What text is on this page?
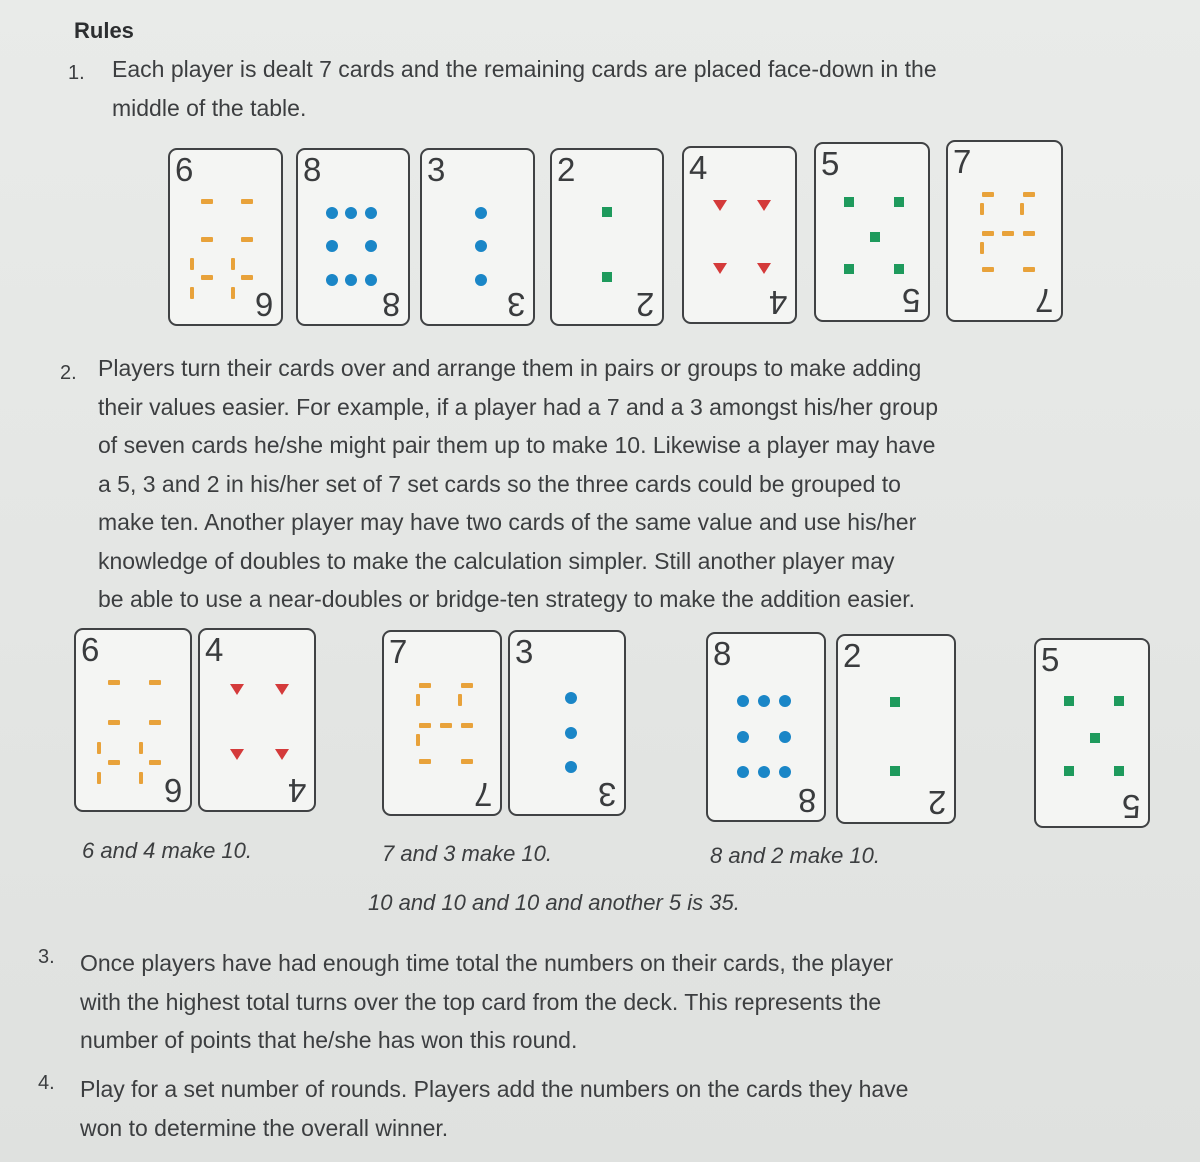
Rules
1. Each player is dealt 7 cards and the remaining cards are placed face-down in the
middle of the table.
6
6
8
8
3
3
2
2
4
4
5
5
7
7
2. Players turn their cards over and arrange them in pairs or groups to make adding
their values easier. For example, if a player had a 7 and a 3 amongst his/her group
of seven cards he/she might pair them up to make 10. Likewise a player may have
a 5, 3 and 2 in his/her set of 7 set cards so the three cards could be grouped to
make ten. Another player may have two cards of the same value and use his/her
knowledge of doubles to make the calculation simpler. Still another player may
be able to use a near-doubles or bridge-ten strategy to make the addition easier.
6
6
4
4
7
7
3
3
8
8
2
2
5
5
6 and 4 make 10.	7 and 3 make 10.	8 and 2 make 10.
10 and 10 and 10 and another 5 is 35.
3. Once players have had enough time total the numbers on their cards, the player
with the highest total turns over the top card from the deck. This represents the
number of points that he/she has won this round.
4. Play for a set number of rounds. Players add the numbers on the cards they have
won to determine the overall winner.
